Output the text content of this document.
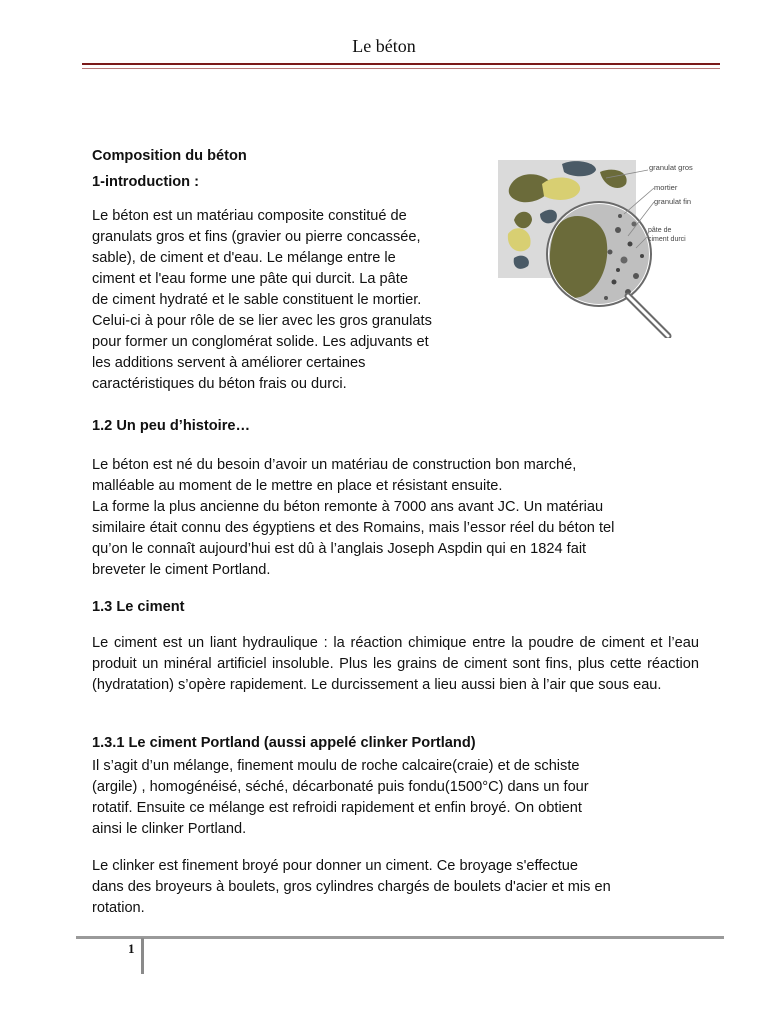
Le béton
Composition du béton
1-introduction :
Le béton est un matériau composite constitué de
granulats gros et fins (gravier ou pierre concassée,
sable), de ciment et d'eau. Le mélange entre le
ciment et l'eau forme une pâte qui durcit. La pâte
de ciment hydraté et le sable constituent le mortier.
Celui-ci à pour rôle de se lier avec les gros granulats
pour former un conglomérat solide. Les adjuvants et
les additions servent à améliorer certaines
caractéristiques du béton frais ou durci.
granulat gros
mortier
granulat fin
pâte de
ciment durci
1.2 Un peu d’histoire…
Le béton est né du besoin d’avoir un matériau de construction bon marché,
malléable au moment de le mettre en place et résistant ensuite.
La forme la plus ancienne du béton remonte à 7000 ans avant JC. Un matériau
similaire était connu des égyptiens et des Romains, mais l’essor réel du béton tel
qu’on le connaît aujourd’hui est dû à l’anglais Joseph Aspdin qui en 1824 fait
breveter le ciment Portland.
1.3 Le ciment
Le ciment est un liant hydraulique : la réaction chimique entre la poudre de ciment et l’eau produit un minéral artificiel insoluble. Plus les grains de ciment sont fins, plus cette réaction (hydratation) s’opère rapidement. Le durcissement a lieu aussi bien à l’air que sous eau.
1.3.1 Le ciment Portland (aussi appelé clinker Portland)
Il s’agit d’un mélange, finement moulu de roche calcaire(craie) et de schiste
(argile) , homogénéisé, séché, décarbonaté puis fondu(1500°C) dans un four
rotatif. Ensuite ce mélange est refroidi rapidement et enfin broyé. On obtient
ainsi le clinker Portland.
Le clinker est finement broyé pour donner un ciment. Ce broyage s'effectue
dans des broyeurs à boulets, gros cylindres chargés de boulets d'acier et mis en
rotation.
1
